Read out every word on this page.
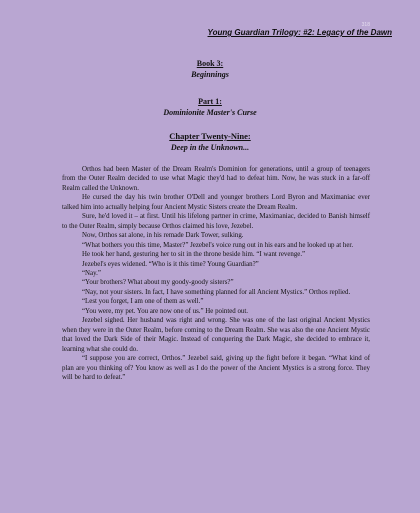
318
Young Guardian Trilogy: #2: Legacy of the Dawn
Book 3:
Beginnings
Part 1:
Dominionite Master's Curse
Chapter Twenty-Nine:
Deep in the Unknown...

Orthos had been Master of the Dream Realm's Dominion for generations, until a group of teenagers from the Outer Realm decided to use what Magic they'd had to defeat him. Now, he was stuck in a far-off Realm called the Unknown.

He cursed the day his twin brother O'Dell and younger brothers Lord Byron and Maximaniac ever talked him into actually helping four Ancient Mystic Sisters create the Dream Realm.

Sure, he'd loved it – at first. Until his lifelong partner in crime, Maximaniac, decided to Banish himself to the Outer Realm, simply because Orthos claimed his love, Jezebel.

Now, Orthos sat alone, in his remade Dark Tower, sulking.

“What bothers you this time, Master?” Jezebel's voice rung out in his ears and he looked up at her.

He took her hand, gesturing her to sit in the throne beside him. “I want revenge.”

Jezebel's eyes widened. “Who is it this time? Young Guardian?”

“Nay.”

“Your brothers? What about my goody-goody sisters?”

“Nay, not your sisters. In fact, I have something planned for all Ancient Mystics.” Orthos replied.

“Lest you forget, I am one of them as well.”

“You were, my pet. You are now one of us.” He pointed out.

Jezebel sighed. Her husband was right and wrong. She was one of the last original Ancient Mystics when they were in the Outer Realm, before coming to the Dream Realm. She was also the one Ancient Mystic that loved the Dark Side of their Magic. Instead of conquering the Dark Magic, she decided to embrace it, learning what she could do.

“I suppose you are correct, Orthos.” Jezebel said, giving up the fight before it began. “What kind of plan are you thinking of? You know as well as I do the power of the Ancient Mystics is a strong force. They will be hard to defeat.”
